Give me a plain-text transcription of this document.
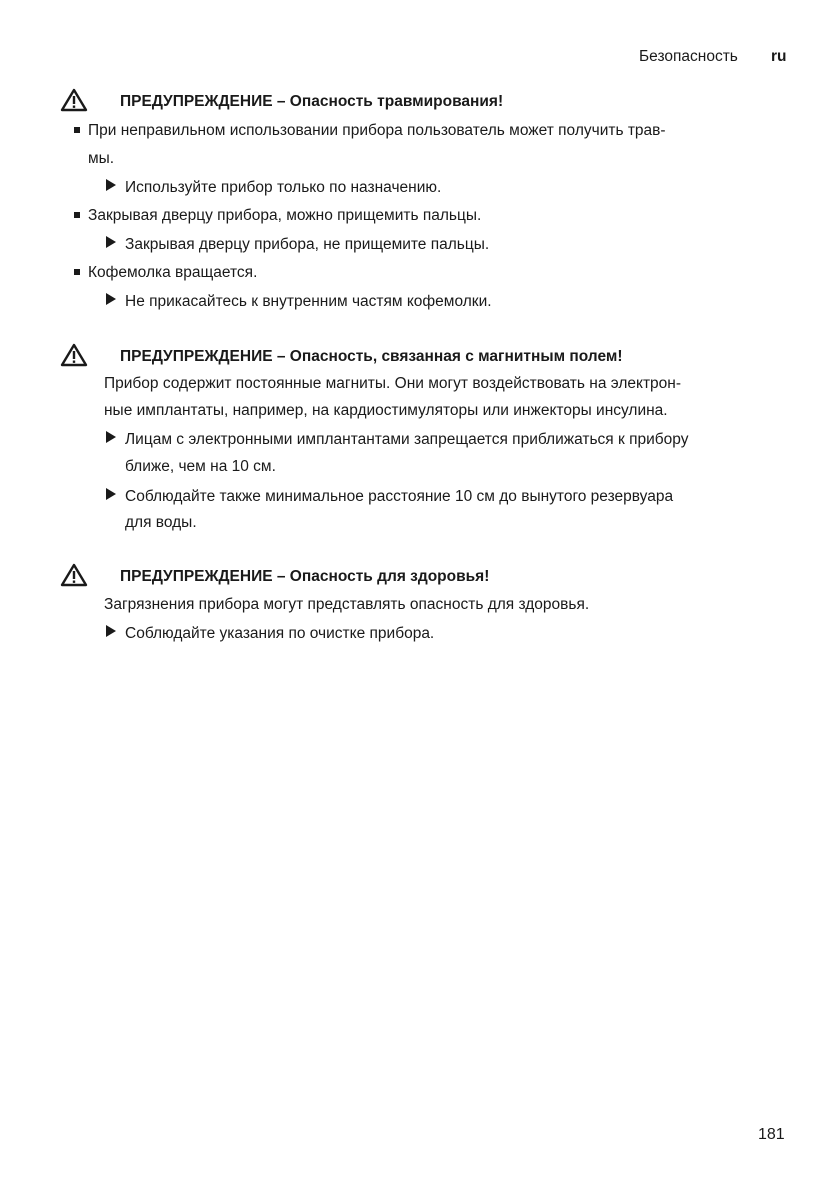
Безопасность ru
ПРЕДУПРЕЖДЕНИЕ – Опасность травмирования!
При неправильном использовании прибора пользователь может получить трав-
мы.
Используйте прибор только по назначению.
Закрывая дверцу прибора, можно прищемить пальцы.
Закрывая дверцу прибора, не прищемите пальцы.
Кофемолка вращается.
Не прикасайтесь к внутренним частям кофемолки.
ПРЕДУПРЕЖДЕНИЕ – Опасность, связанная с магнитным полем!
Прибор содержит постоянные магниты. Они могут воздействовать на электрон-
ные имплантаты, например, на кардиостимуляторы или инжекторы инсулина.
Лицам с электронными имплантантами запрещается приближаться к прибору
ближе, чем на 10 см.
Соблюдайте также минимальное расстояние 10 см до вынутого резервуара
для воды.
ПРЕДУПРЕЖДЕНИЕ – Опасность для здоровья!
Загрязнения прибора могут представлять опасность для здоровья.
Соблюдайте указания по очистке прибора.
181
